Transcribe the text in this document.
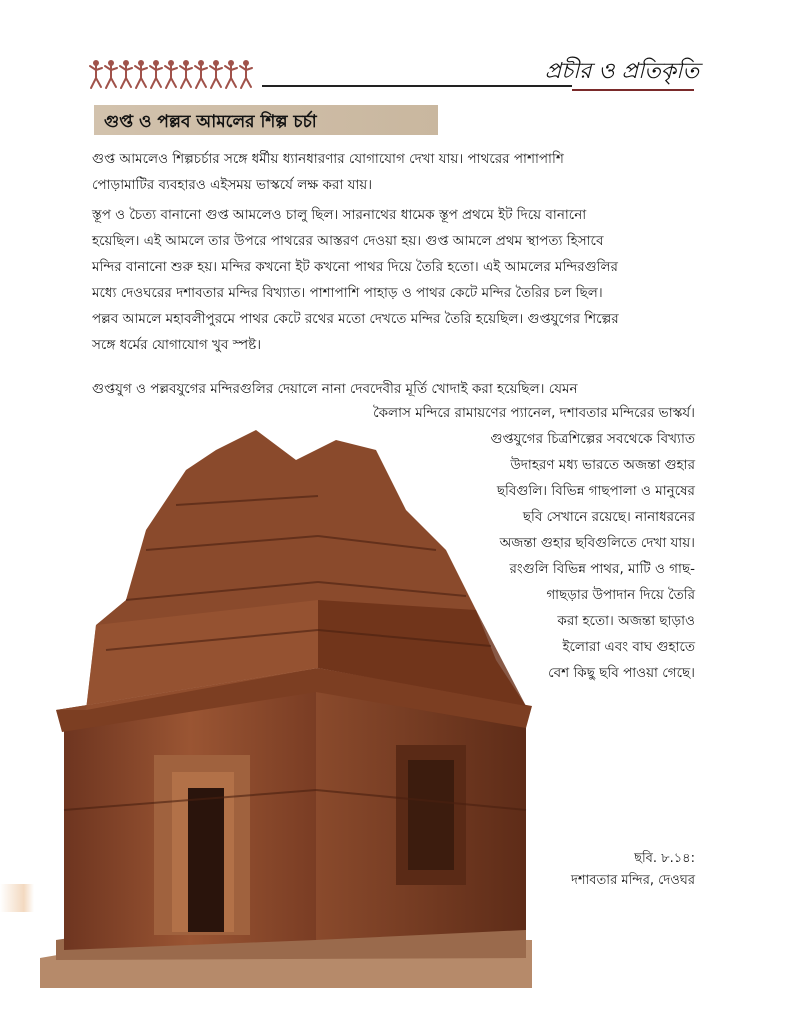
প্রচীর ও প্রতিকৃতি
গুপ্ত ও পল্লব আমলের শিল্প চর্চা
গুপ্ত আমলেও শিল্পচর্চার সঙ্গে ধর্মীয় ধ্যানধারণার যোগাযোগ দেখা যায়। পাথরের পাশাপাশি
পোড়ামাটির ব্যবহারও এইসময় ভাস্কর্যে লক্ষ করা যায়।
স্তূপ ও চৈত্য বানানো গুপ্ত আমলেও চালু ছিল। সারনাথের ধামেক স্তূপ প্রথমে ইট দিয়ে বানানো
হয়েছিল। এই আমলে তার উপরে পাথরের আস্তরণ দেওয়া হয়। গুপ্ত আমলে প্রথম স্থাপত্য হিসাবে
মন্দির বানানো শুরু হয়। মন্দির কখনো ইট কখনো পাথর দিয়ে তৈরি হতো। এই আমলের মন্দিরগুলির
মধ্যে দেওঘরের দশাবতার মন্দির বিখ্যাত। পাশাপাশি পাহাড় ও পাথর কেটে মন্দির তৈরির চল ছিল।
পল্লব আমলে মহাবলীপুরমে পাথর কেটে রথের মতো দেখতে মন্দির তৈরি হয়েছিল। গুপ্তযুগের শিল্পের
সঙ্গে ধর্মের যোগাযোগ খুব স্পষ্ট।
গুপ্তযুগ ও পল্লবযুগের মন্দিরগুলির দেয়ালে নানা দেবদেবীর মূর্তি খোদাই করা হয়েছিল। যেমন
কৈলাস মন্দিরে রামায়ণের প্যানেল, দশাবতার মন্দিরের ভাস্কর্য।
গুপ্তযুগের চিত্রশিল্পের সবথেকে বিখ্যাত
উদাহরণ মধ্য ভারতে অজন্তা গুহার
ছবিগুলি। বিভিন্ন গাছপালা ও মানুষের
ছবি সেখানে রয়েছে। নানাধরনের
অজন্তা গুহার ছবিগুলিতে দেখা যায়।
রংগুলি বিভিন্ন পাথর, মাটি ও গাছ-
গাছড়ার উপাদান দিয়ে তৈরি
করা হতো। অজন্তা ছাড়াও
ইলোরা এবং বাঘ গুহাতে
বেশ কিছু ছবি পাওয়া গেছে।
ছবি. ৮.১৪:
দশাবতার মন্দির, দেওঘর
